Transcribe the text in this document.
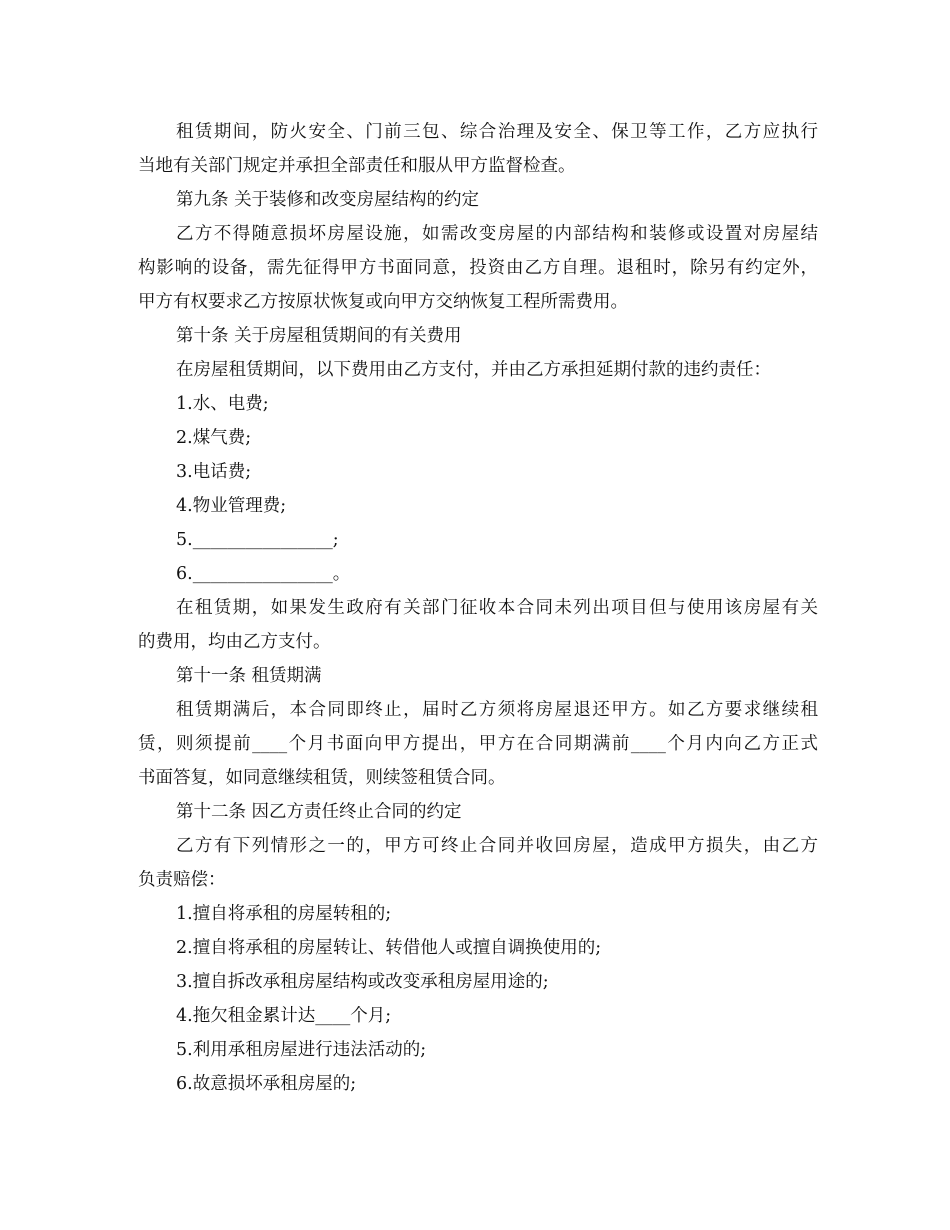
租赁期间，防火安全、门前三包、综合治理及安全、保卫等工作，乙方应执行
当地有关部门规定并承担全部责任和服从甲方监督检查。
第九条 关于装修和改变房屋结构的约定
乙方不得随意损坏房屋设施，如需改变房屋的内部结构和装修或设置对房屋结
构影响的设备，需先征得甲方书面同意，投资由乙方自理。退租时，除另有约定外，
甲方有权要求乙方按原状恢复或向甲方交纳恢复工程所需费用。
第十条 关于房屋租赁期间的有关费用
在房屋租赁期间，以下费用由乙方支付，并由乙方承担延期付款的违约责任：
1.水、电费;
2.煤气费;
3.电话费;
4.物业管理费;
5.________________;
6.________________。
在租赁期，如果发生政府有关部门征收本合同未列出项目但与使用该房屋有关
的费用，均由乙方支付。
第十一条 租赁期满
租赁期满后，本合同即终止，届时乙方须将房屋退还甲方。如乙方要求继续租
赁，则须提前____个月书面向甲方提出，甲方在合同期满前____个月内向乙方正式
书面答复，如同意继续租赁，则续签租赁合同。
第十二条 因乙方责任终止合同的约定
乙方有下列情形之一的，甲方可终止合同并收回房屋，造成甲方损失，由乙方
负责赔偿：
1.擅自将承租的房屋转租的;
2.擅自将承租的房屋转让、转借他人或擅自调换使用的;
3.擅自拆改承租房屋结构或改变承租房屋用途的;
4.拖欠租金累计达____个月;
5.利用承租房屋进行违法活动的;
6.故意损坏承租房屋的;
